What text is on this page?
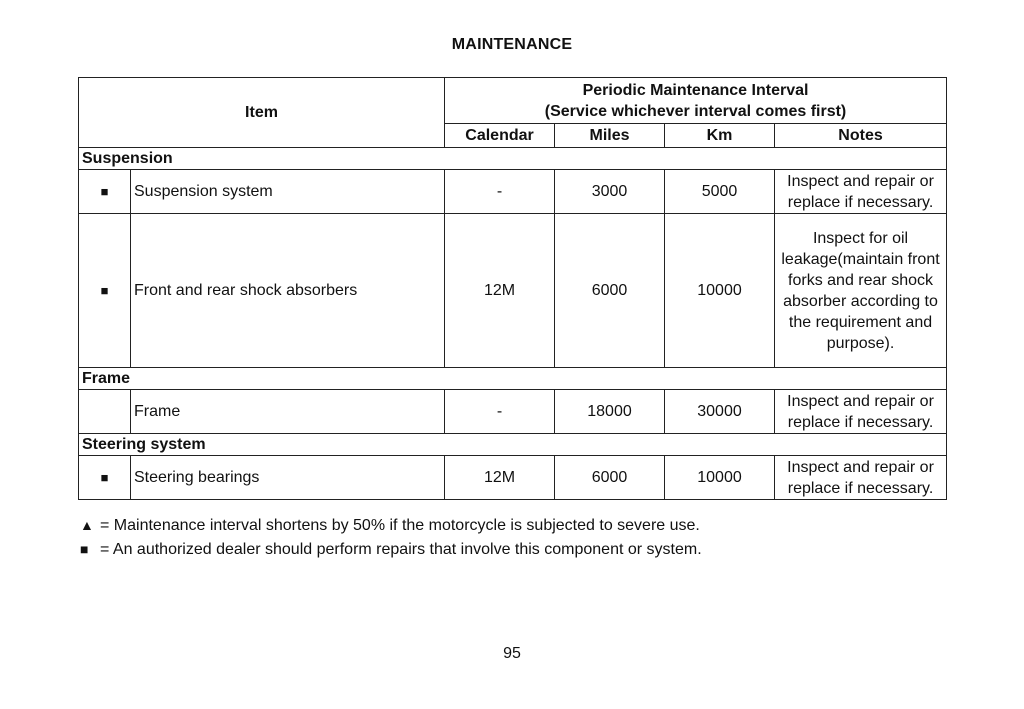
MAINTENANCE
Item		Periodic Maintenance Interval
(Service whichever interval comes first)			

		Calendar	Miles	Km	Notes
Suspension					
■	Suspension system	-	3000	5000	Inspect and repair or replace if necessary.
■	Front and rear shock absorbers	12M	6000	10000	Inspect for oil leakage(maintain front forks and rear shock absorber according to the requirement and purpose).
Frame					
	Frame	-	18000	30000	Inspect and repair or replace if necessary.
Steering system					
■	Steering bearings	12M	6000	10000	Inspect and repair or replace if necessary.
▲ = Maintenance interval shortens by 50% if the motorcycle is subjected to severe use.
■ = An authorized dealer should perform repairs that involve this component or system.
95
